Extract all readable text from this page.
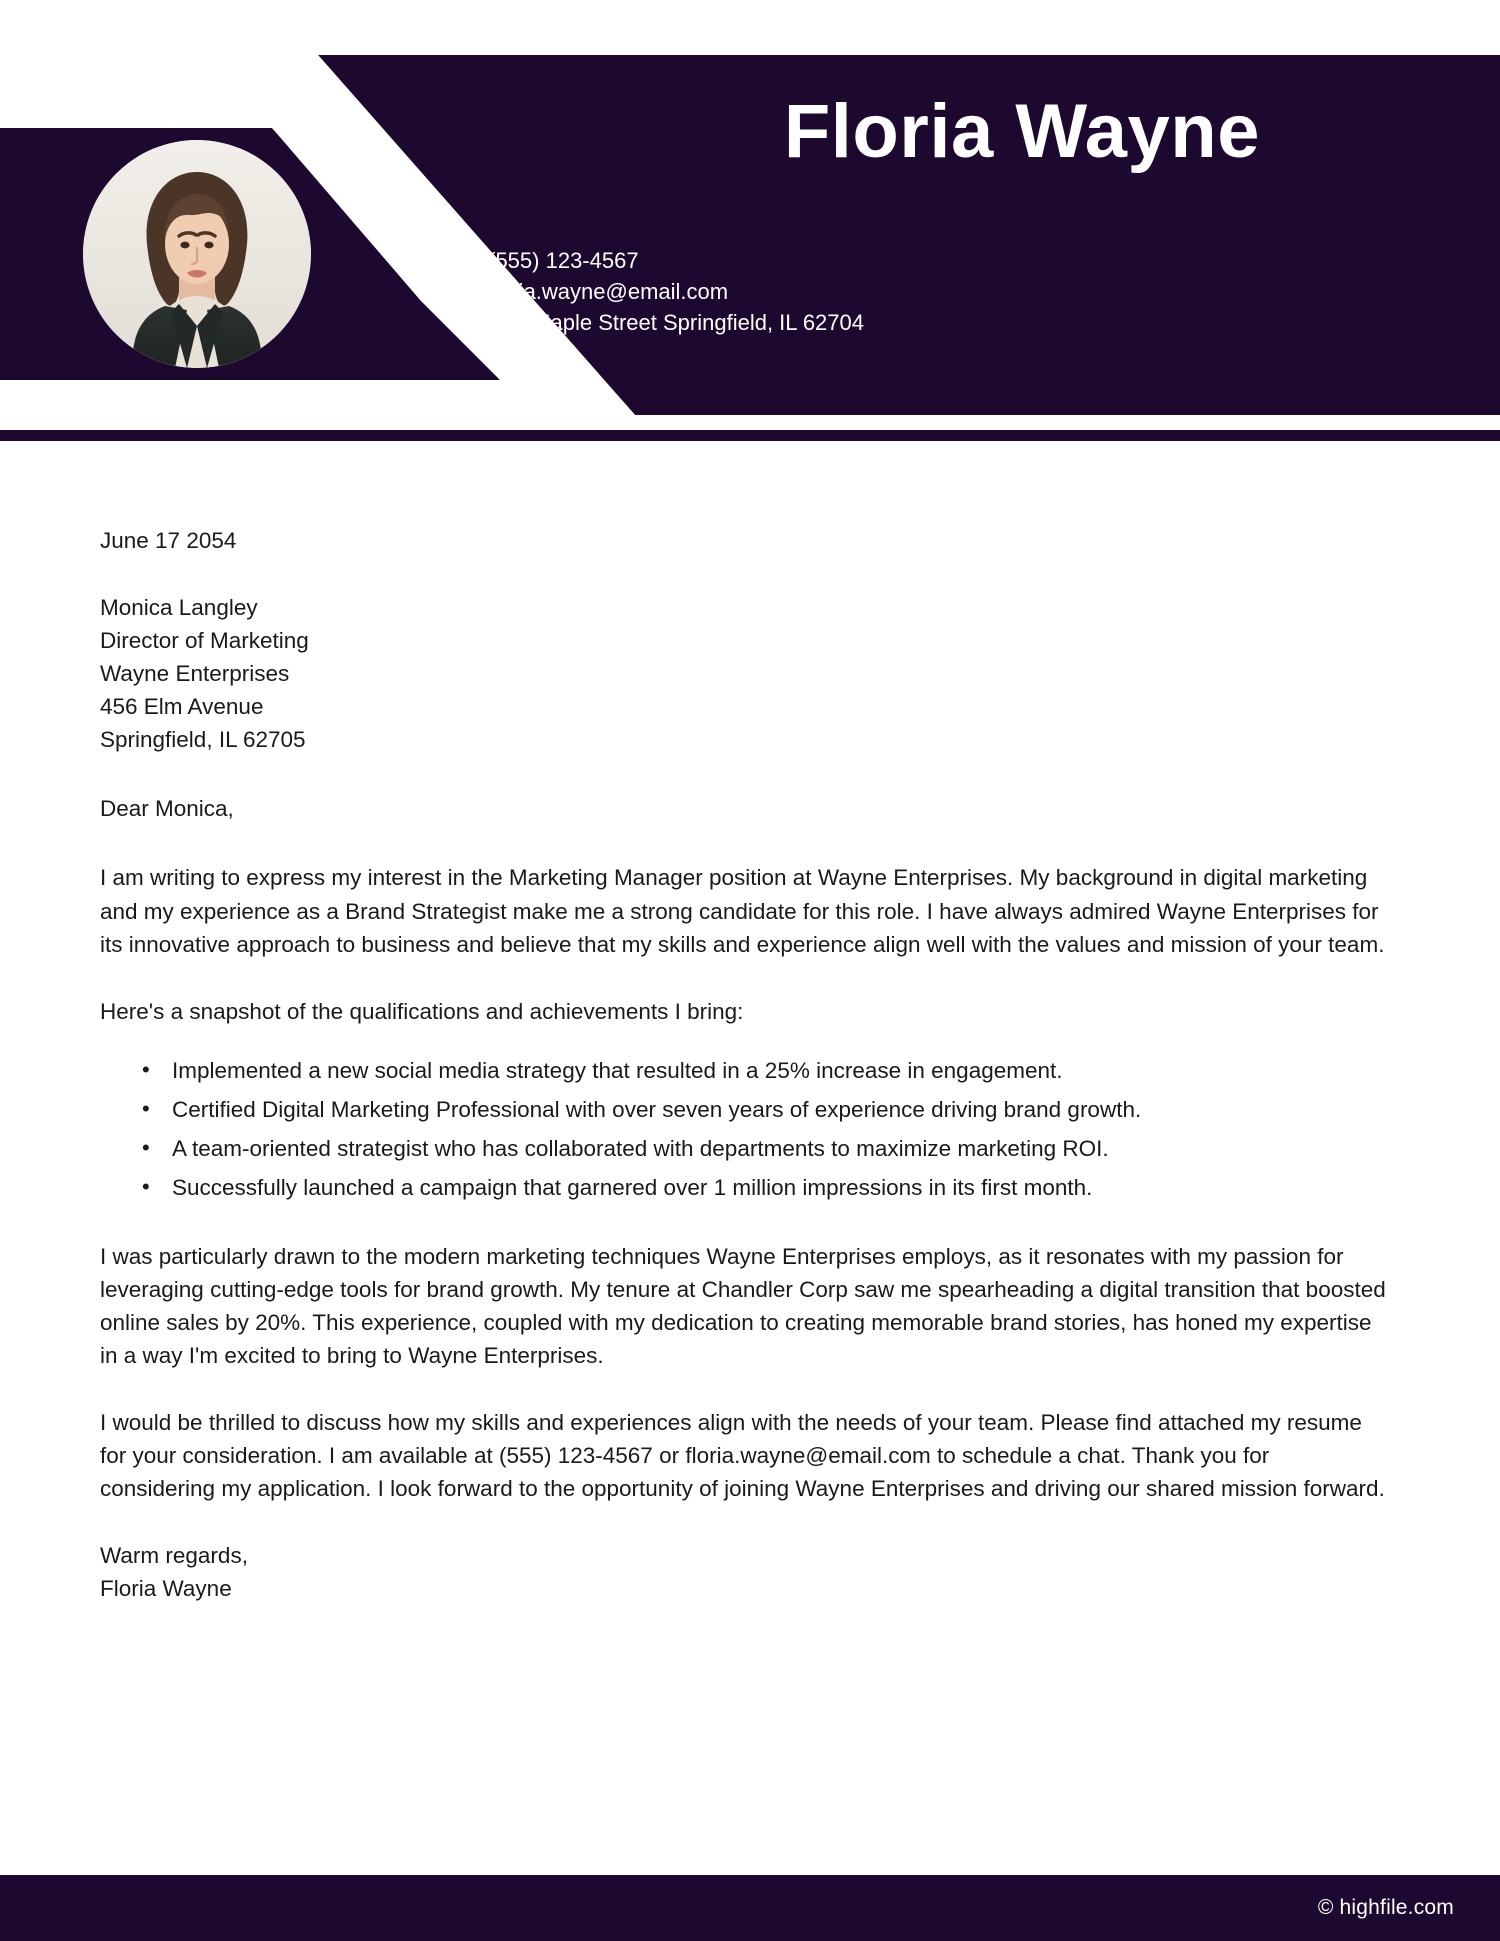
Floria Wayne
P: (555) 123-4567
E: floria.wayne@email.com
A: 123 Maple Street Springfield, IL 62704
June 17 2054
Monica Langley
Director of Marketing
Wayne Enterprises
456 Elm Avenue
Springfield, IL 62705
Dear Monica,
I am writing to express my interest in the Marketing Manager position at Wayne Enterprises. My background in digital marketing and my experience as a Brand Strategist make me a strong candidate for this role. I have always admired Wayne Enterprises for its innovative approach to business and believe that my skills and experience align well with the values and mission of your team.
Here's a snapshot of the qualifications and achievements I bring:
• Implemented a new social media strategy that resulted in a 25% increase in engagement.
• Certified Digital Marketing Professional with over seven years of experience driving brand growth.
• A team-oriented strategist who has collaborated with departments to maximize marketing ROI.
• Successfully launched a campaign that garnered over 1 million impressions in its first month.
I was particularly drawn to the modern marketing techniques Wayne Enterprises employs, as it resonates with my passion for leveraging cutting-edge tools for brand growth. My tenure at Chandler Corp saw me spearheading a digital transition that boosted online sales by 20%. This experience, coupled with my dedication to creating memorable brand stories, has honed my expertise in a way I'm excited to bring to Wayne Enterprises.
I would be thrilled to discuss how my skills and experiences align with the needs of your team. Please find attached my resume for your consideration. I am available at (555) 123-4567 or floria.wayne@email.com to schedule a chat. Thank you for considering my application. I look forward to the opportunity of joining Wayne Enterprises and driving our shared mission forward.
Warm regards,
Floria Wayne
© highfile.com
